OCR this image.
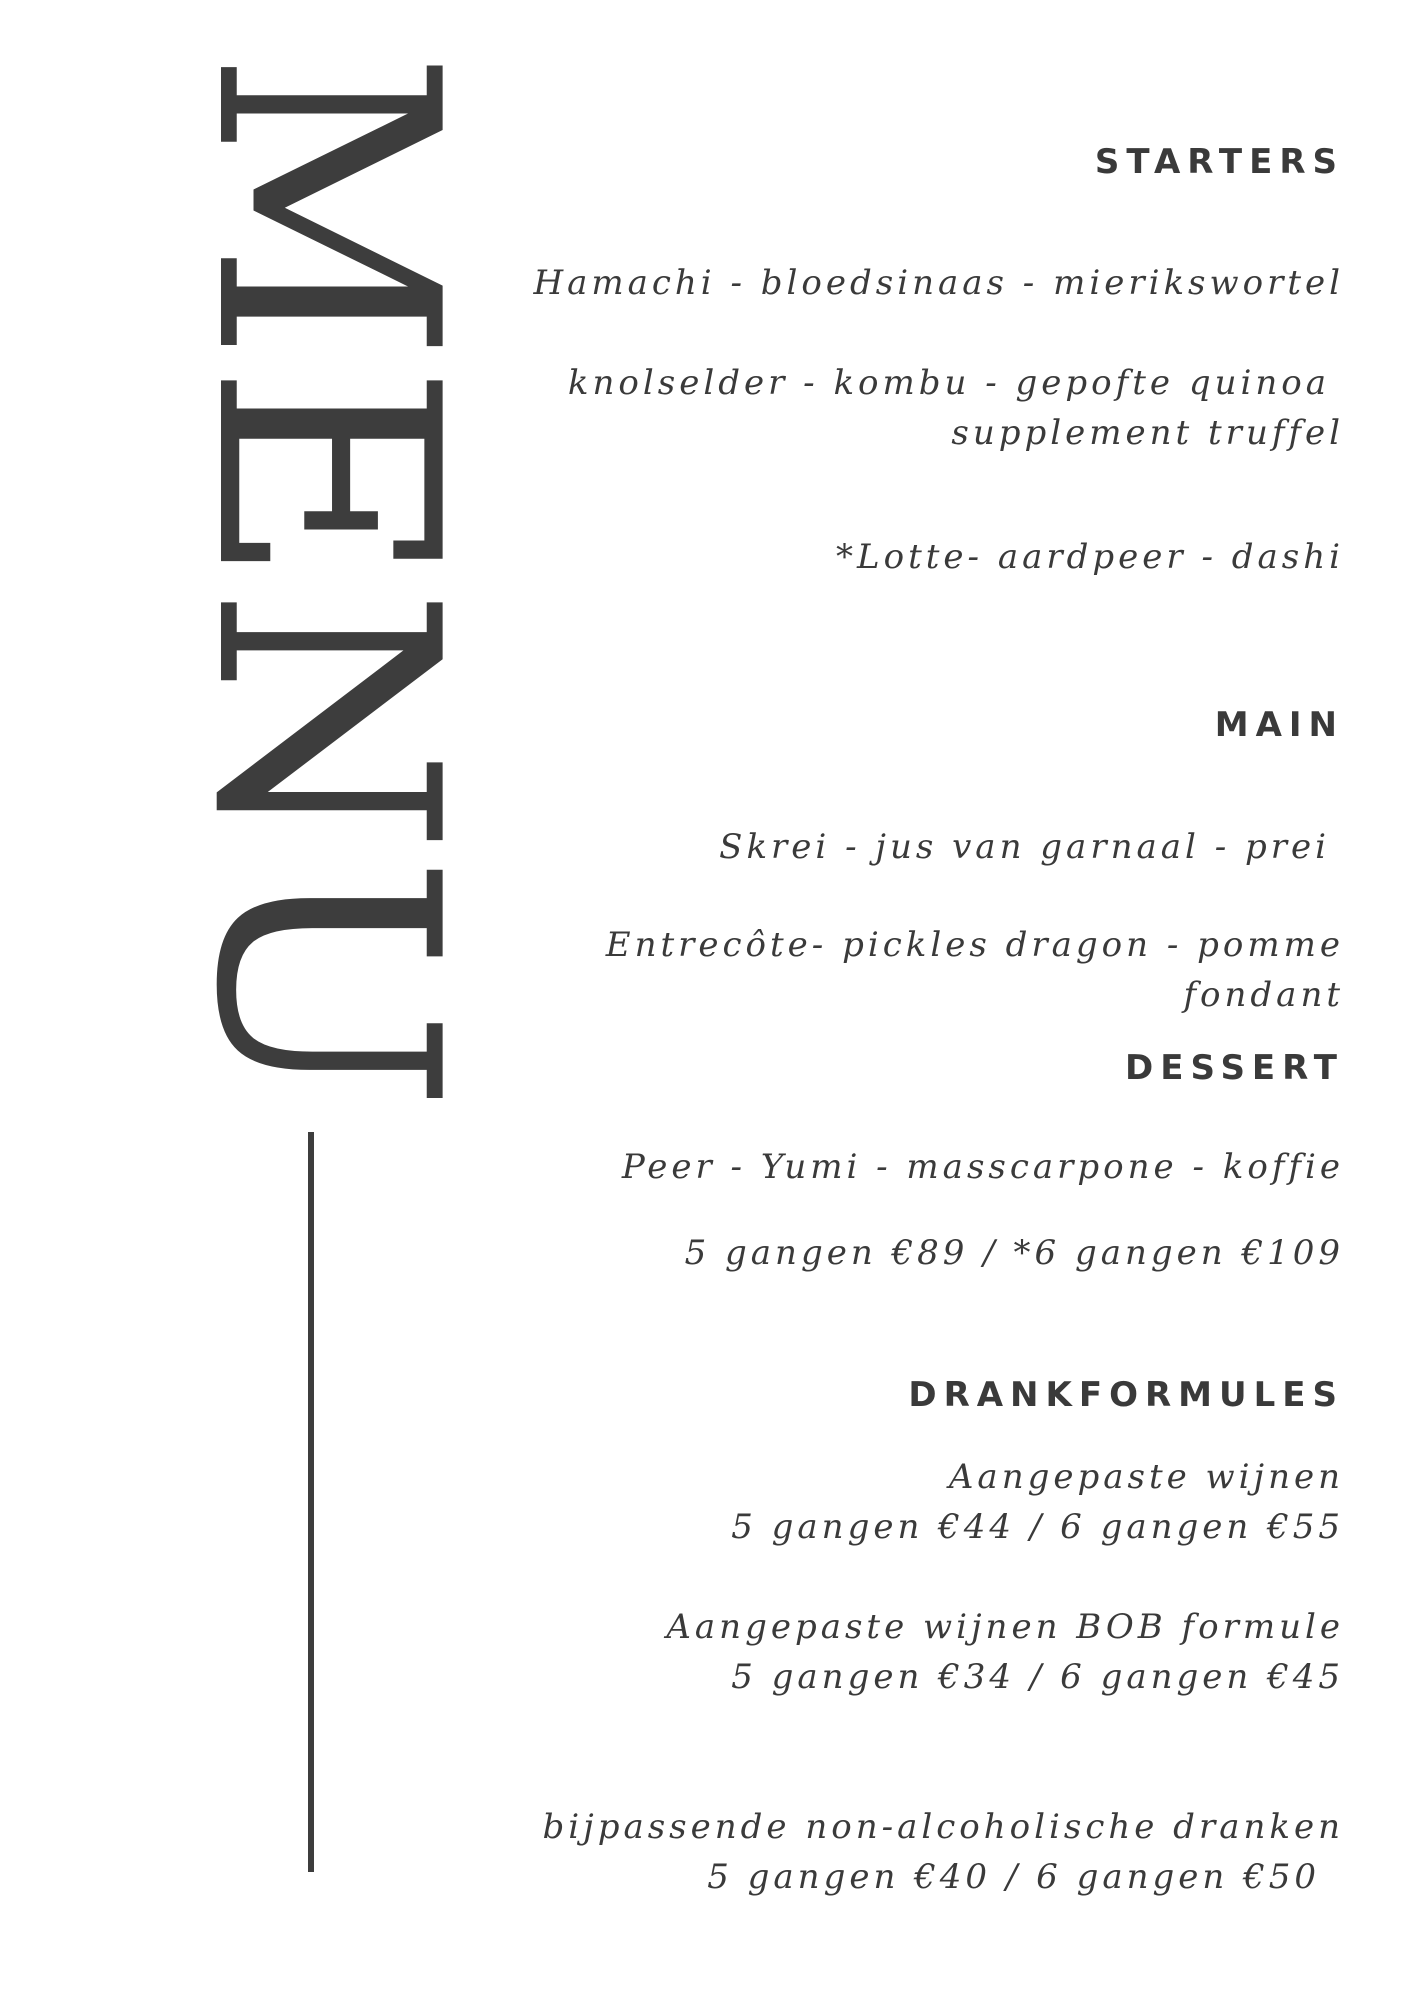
MENU	STARTERS
Hamachi - bloedsinaas - mierikswortel
knolselder - kombu - gepofte quinoa
supplement truffel
*Lotte- aardpeer - dashi
MAIN
Skrei - jus van garnaal - prei
Entrecôte- pickles dragon - pomme
fondant
DESSERT
Peer - Yumi - masscarpone - koffie
5 gangen €89 / *6 gangen €109
DRANKFORMULES
Aangepaste wijnen
5 gangen €44 / 6 gangen €55
Aangepaste wijnen BOB formule
5 gangen €34 / 6 gangen €45
bijpassende non-alcoholische dranken
5 gangen €40 / 6 gangen €50
